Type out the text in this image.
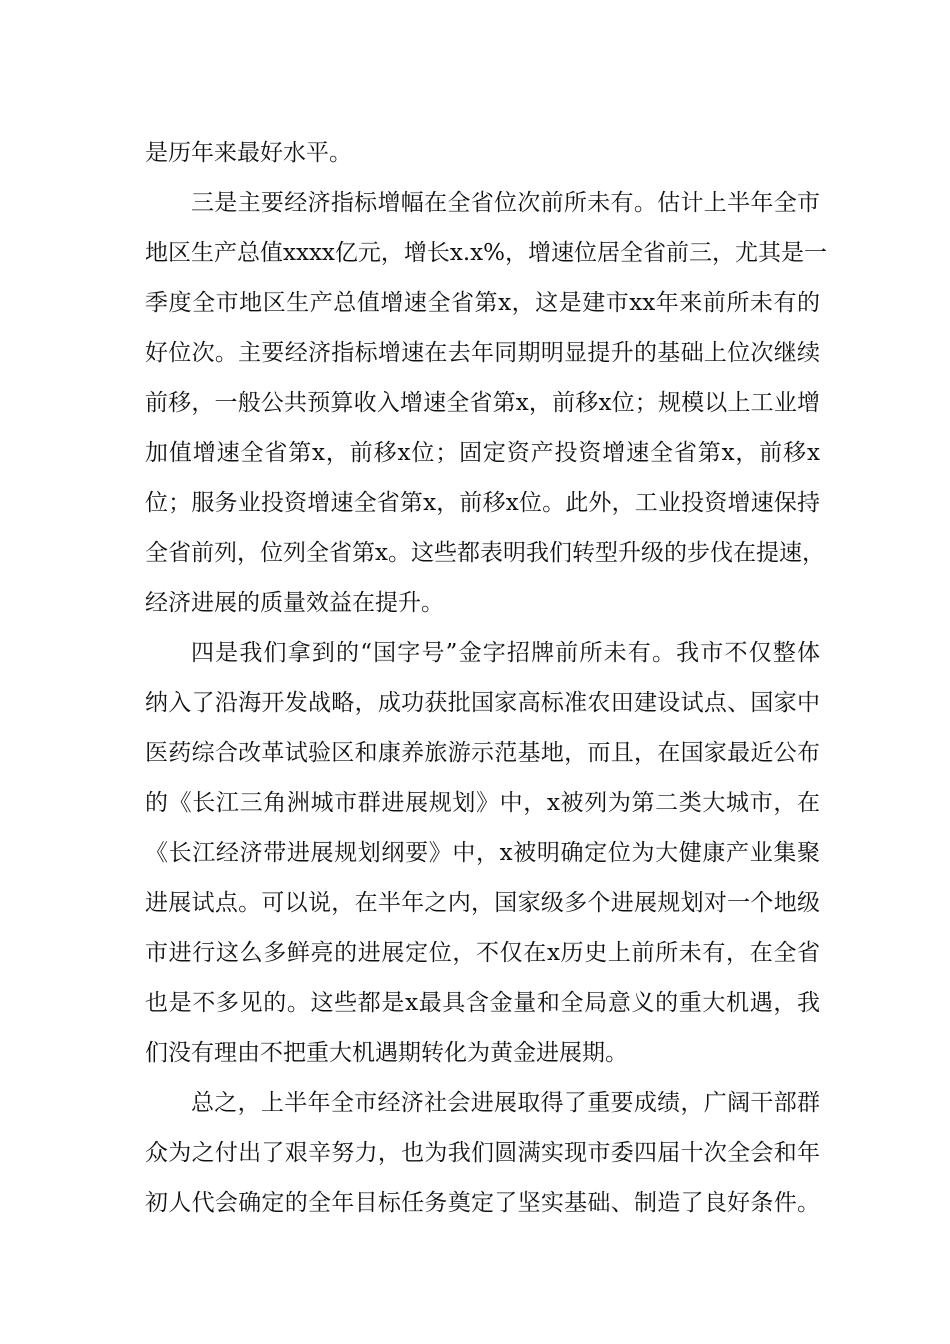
是历年来最好水平。
三是主要经济指标增幅在全省位次前所未有。估计上半年全市
地区生产总值xxxx亿元，增长x.x%，增速位居全省前三，尤其是一
季度全市地区生产总值增速全省第x，这是建市xx年来前所未有的
好位次。主要经济指标增速在去年同期明显提升的基础上位次继续
前移，一般公共预算收入增速全省第x，前移x位；规模以上工业增
加值增速全省第x，前移x位；固定资产投资增速全省第x，前移x
位；服务业投资增速全省第x，前移x位。此外，工业投资增速保持
全省前列，位列全省第x。这些都表明我们转型升级的步伐在提速，
经济进展的质量效益在提升。
四是我们拿到的“国字号”金字招牌前所未有。我市不仅整体
纳入了沿海开发战略，成功获批国家高标准农田建设试点、国家中
医药综合改革试验区和康养旅游示范基地，而且，在国家最近公布
的《长江三角洲城市群进展规划》中，x被列为第二类大城市，在
《长江经济带进展规划纲要》中，x被明确定位为大健康产业集聚
进展试点。可以说，在半年之内，国家级多个进展规划对一个地级
市进行这么多鲜亮的进展定位，不仅在x历史上前所未有，在全省
也是不多见的。这些都是x最具含金量和全局意义的重大机遇，我
们没有理由不把重大机遇期转化为黄金进展期。
总之，上半年全市经济社会进展取得了重要成绩，广阔干部群
众为之付出了艰辛努力，也为我们圆满实现市委四届十次全会和年
初人代会确定的全年目标任务奠定了坚实基础、制造了良好条件。
